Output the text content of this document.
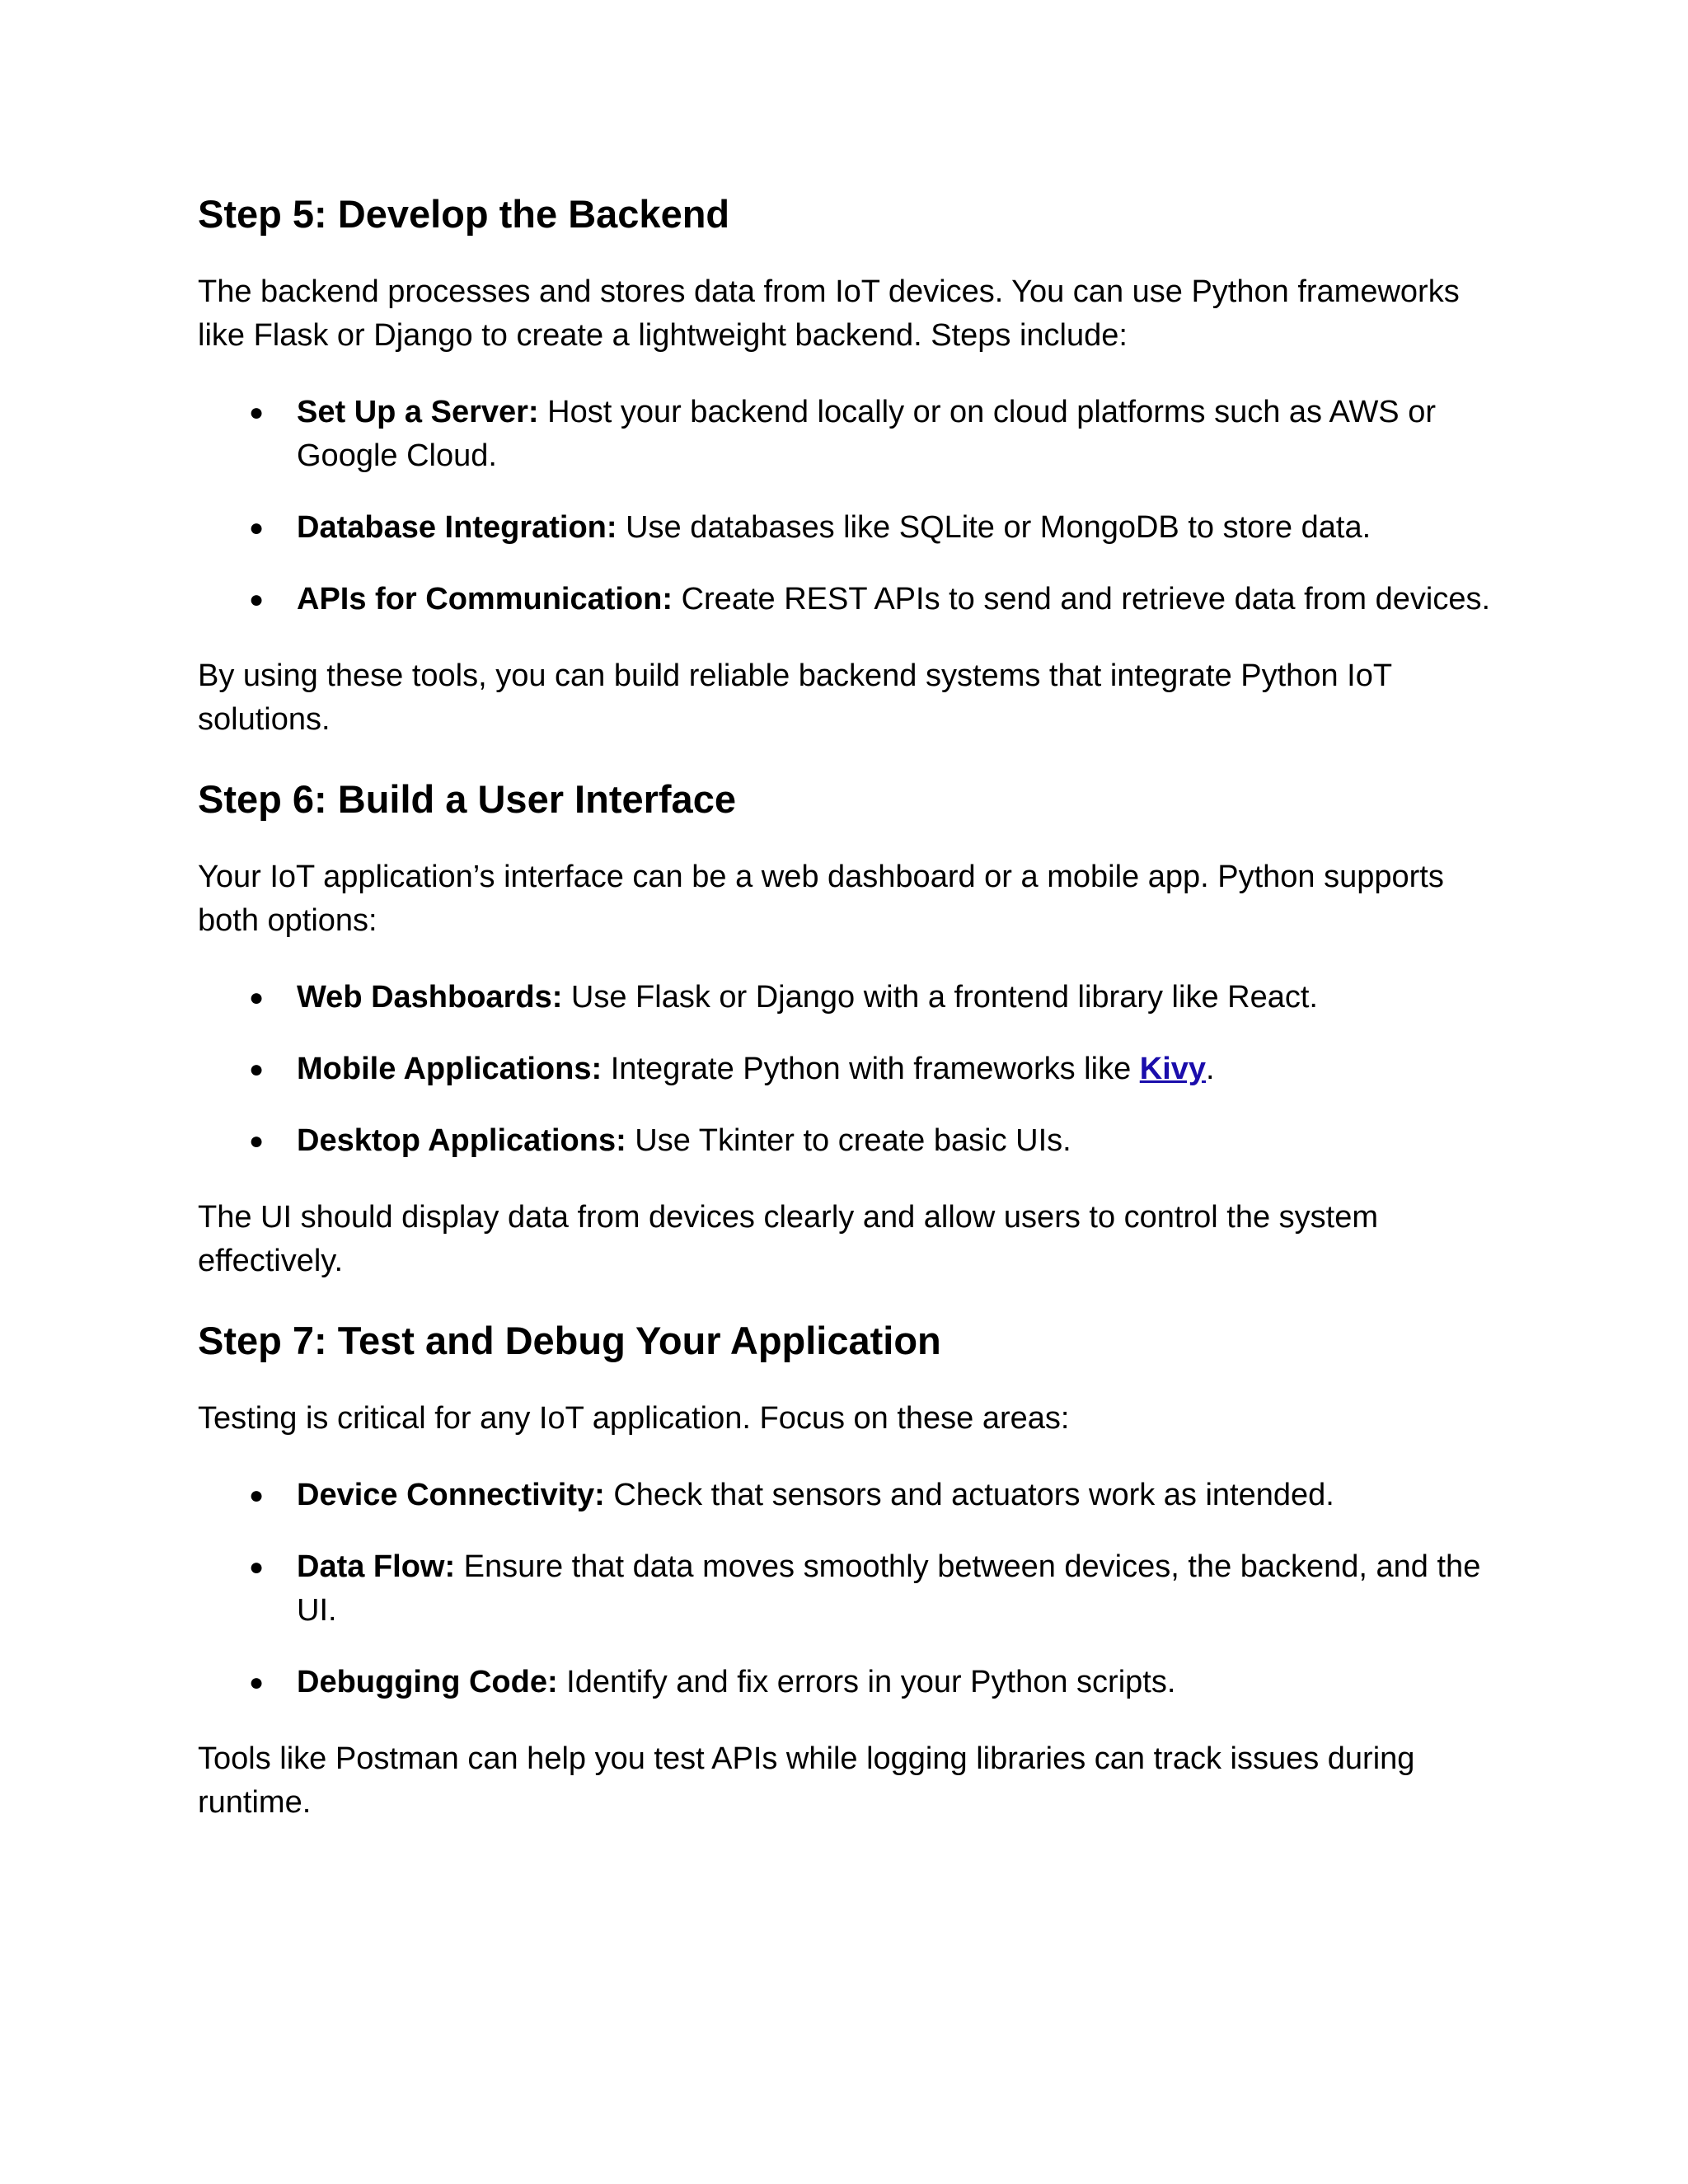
Step 5: Develop the Backend

The backend processes and stores data from IoT devices. You can use Python frameworks like Flask or Django to create a lightweight backend. Steps include:

● Set Up a Server: Host your backend locally or on cloud platforms such as AWS or Google Cloud.
● Database Integration: Use databases like SQLite or MongoDB to store data.
● APIs for Communication: Create REST APIs to send and retrieve data from devices.

By using these tools, you can build reliable backend systems that integrate Python IoT solutions.

Step 6: Build a User Interface

Your IoT application’s interface can be a web dashboard or a mobile app. Python supports both options:

● Web Dashboards: Use Flask or Django with a frontend library like React.
● Mobile Applications: Integrate Python with frameworks like Kivy.
● Desktop Applications: Use Tkinter to create basic UIs.

The UI should display data from devices clearly and allow users to control the system effectively.

Step 7: Test and Debug Your Application

Testing is critical for any IoT application. Focus on these areas:

● Device Connectivity: Check that sensors and actuators work as intended.
● Data Flow: Ensure that data moves smoothly between devices, the backend, and the UI.
● Debugging Code: Identify and fix errors in your Python scripts.

Tools like Postman can help you test APIs while logging libraries can track issues during runtime.
